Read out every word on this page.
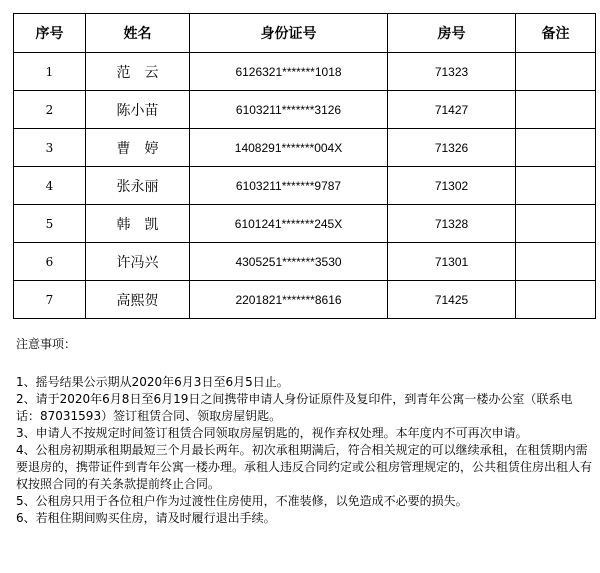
序号	姓名	身份证号	房号	备注
1	范　云	6126321*******1018	71323	
2	陈小苗	6103211*******3126	71427	
3	曹　婷	1408291*******004X	71326	
4	张永丽	6103211*******9787	71302	
5	韩　凯	6101241*******245X	71328	
6	许冯兴	4305251*******3530	71301	
7	高熙贺	2201821*******8616	71425	

注意事项：

1、摇号结果公示期从2020年6月3日至6月5日止。

2、请于2020年6月8日至6月19日之间携带申请人身份证原件及复印件，到青年公寓一楼办公室（联系电话：87031593）签订租赁合同、领取房屋钥匙。

3、申请人不按规定时间签订租赁合同领取房屋钥匙的，视作弃权处理。本年度内不可再次申请。

4、公租房初期承租期最短三个月最长两年。初次承租期满后，符合相关规定的可以继续承租，在租赁期内需要退房的，携带证件到青年公寓一楼办理。承租人违反合同约定或公租房管理规定的，公共租赁住房出租人有权按照合同的有关条款提前终止合同。

5、公租房只用于各位租户作为过渡性住房使用，不准装修，以免造成不必要的损失。

6、若租住期间购买住房，请及时履行退出手续。
